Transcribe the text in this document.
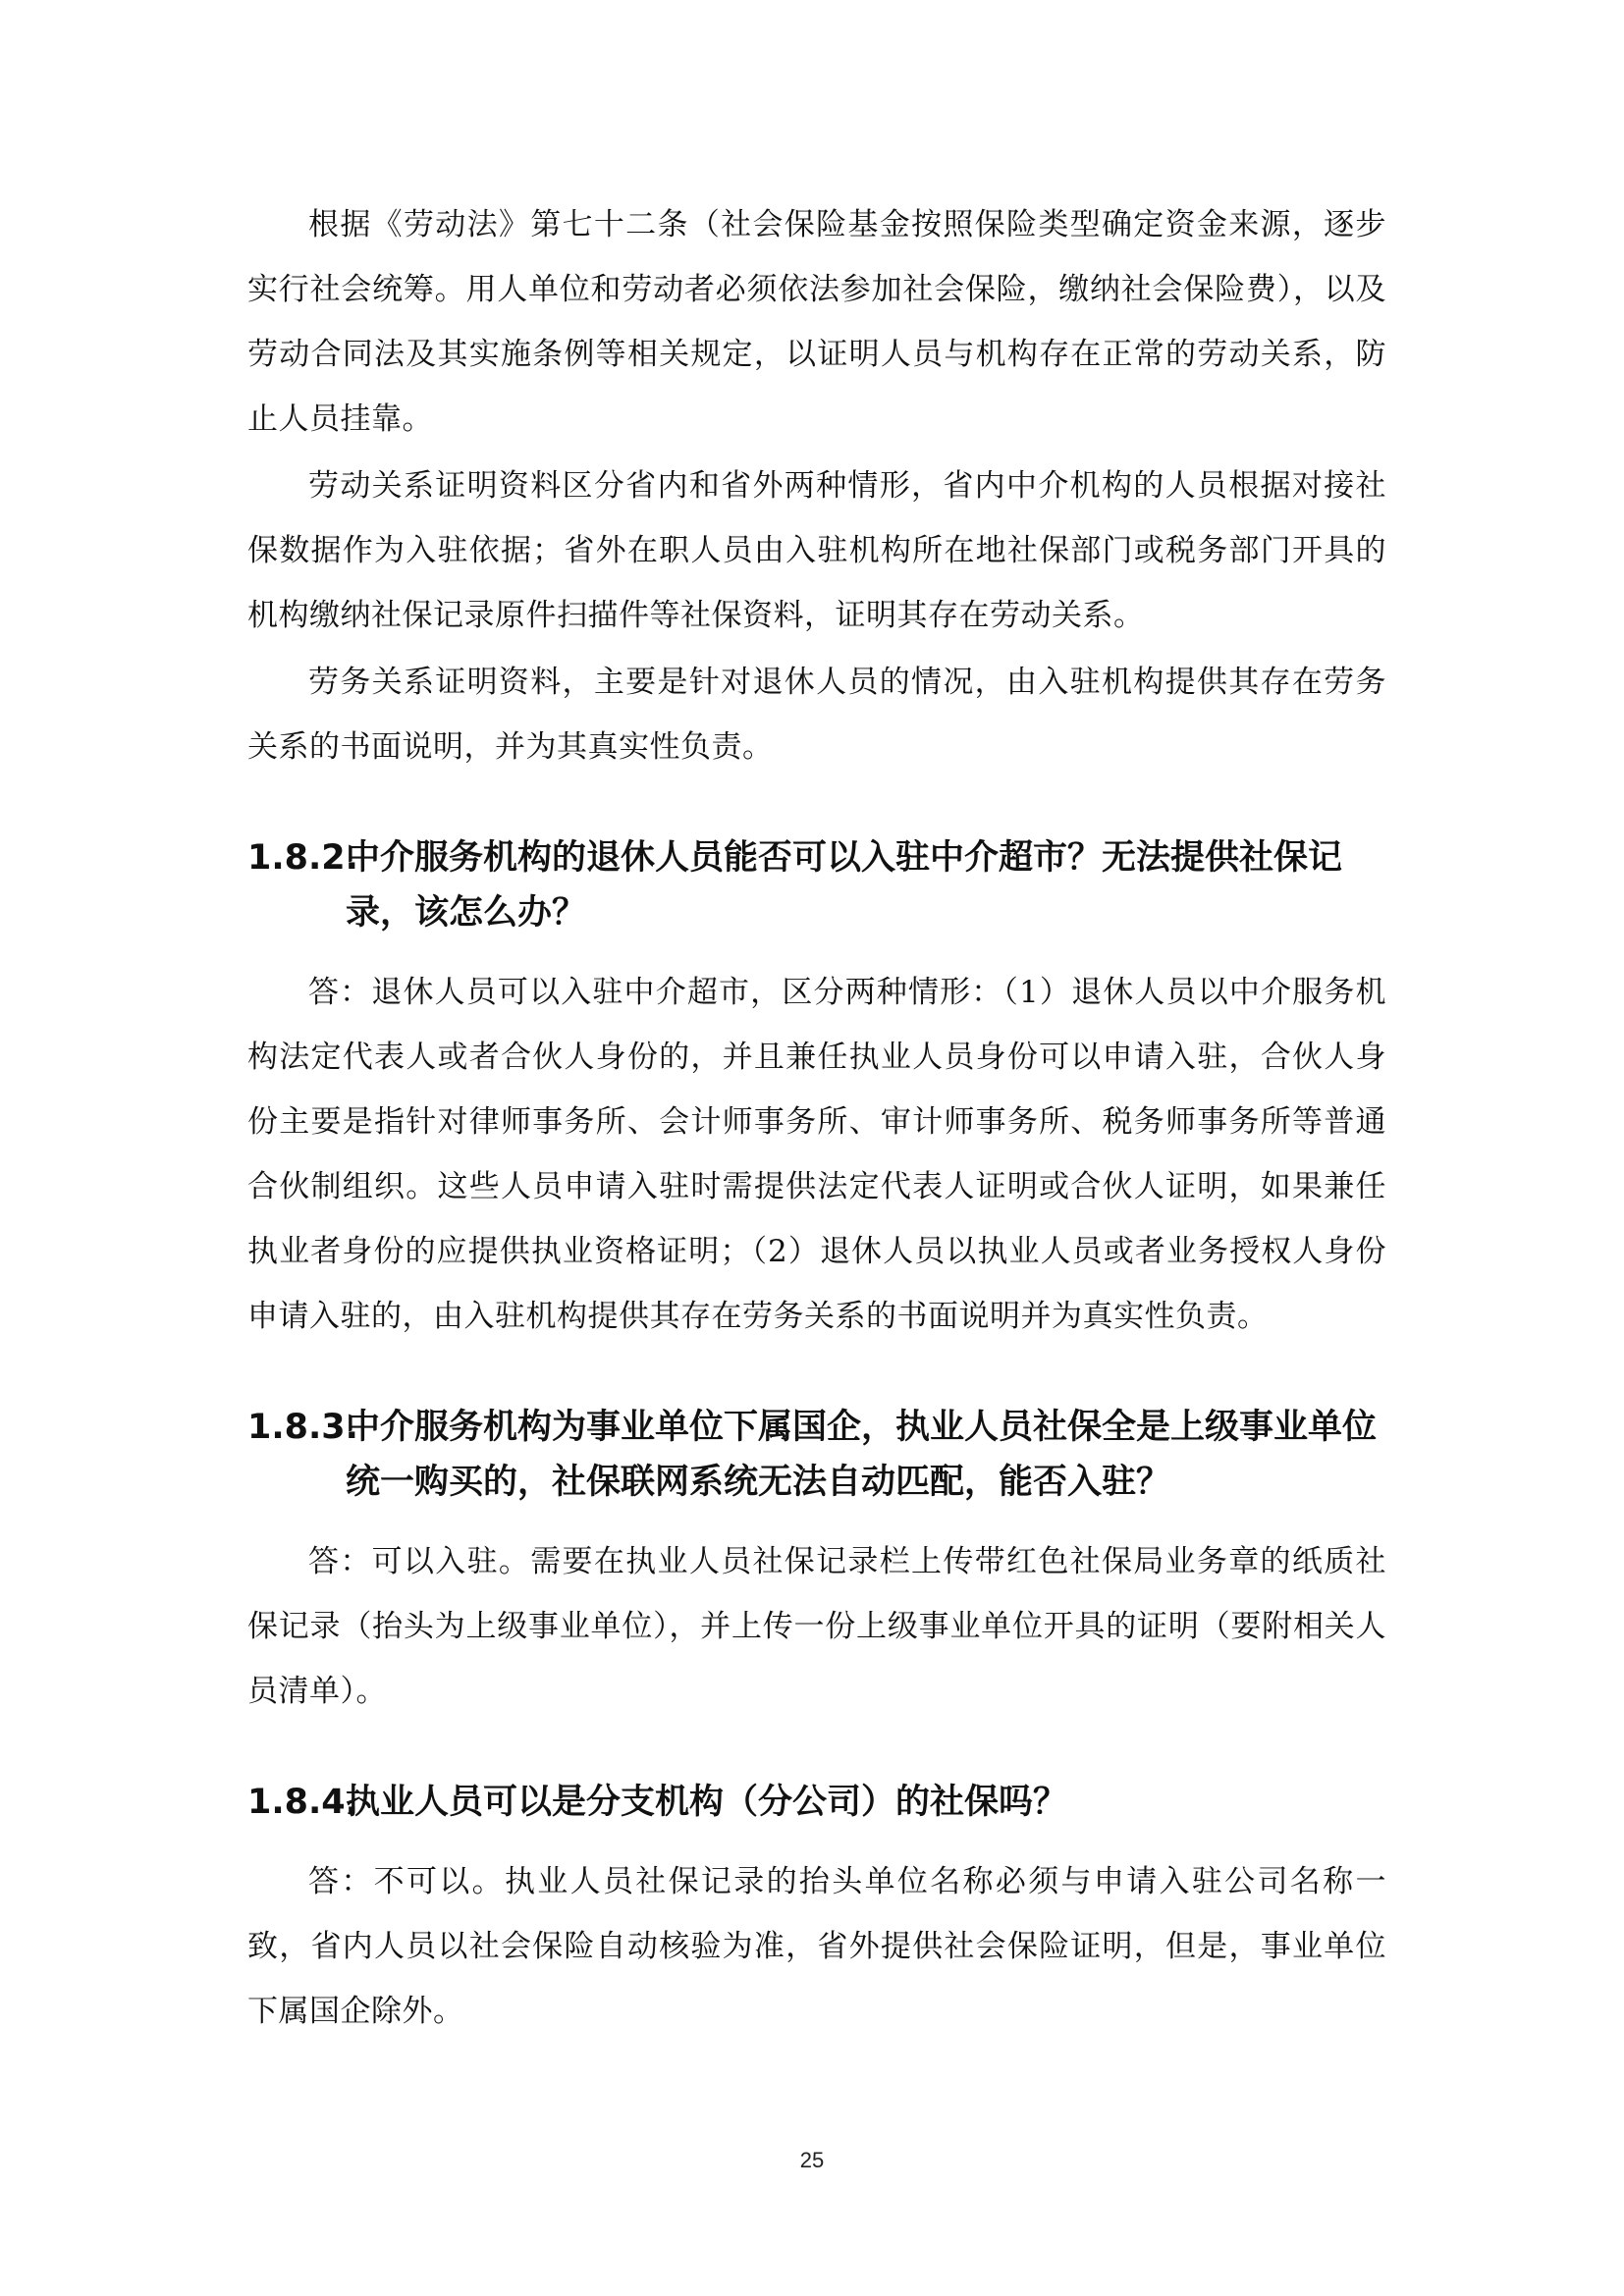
根据《劳动法》第七十二条（社会保险基金按照保险类型确定资金来源，逐步实行社会统筹。用人单位和劳动者必须依法参加社会保险，缴纳社会保险费），以及劳动合同法及其实施条例等相关规定，以证明人员与机构存在正常的劳动关系，防止人员挂靠。

劳动关系证明资料区分省内和省外两种情形，省内中介机构的人员根据对接社保数据作为入驻依据；省外在职人员由入驻机构所在地社保部门或税务部门开具的机构缴纳社保记录原件扫描件等社保资料，证明其存在劳动关系。

劳务关系证明资料，主要是针对退休人员的情况，由入驻机构提供其存在劳务关系的书面说明，并为其真实性负责。

1.8.2.
中介服务机构的退休人员能否可以入驻中介超市？无法提供社保记录，该怎么办？

答：退休人员可以入驻中介超市，区分两种情形：（1）退休人员以中介服务机构法定代表人或者合伙人身份的，并且兼任执业人员身份可以申请入驻，合伙人身份主要是指针对律师事务所、会计师事务所、审计师事务所、税务师事务所等普通合伙制组织。这些人员申请入驻时需提供法定代表人证明或合伙人证明，如果兼任执业者身份的应提供执业资格证明；（2）退休人员以执业人员或者业务授权人身份申请入驻的，由入驻机构提供其存在劳务关系的书面说明并为真实性负责。

1.8.3.
中介服务机构为事业单位下属国企，执业人员社保全是上级事业单位统一购买的，社保联网系统无法自动匹配，能否入驻？

答：可以入驻。需要在执业人员社保记录栏上传带红色社保局业务章的纸质社保记录（抬头为上级事业单位），并上传一份上级事业单位开具的证明（要附相关人员清单）。

1.8.4.
执业人员可以是分支机构（分公司）的社保吗？

答：不可以。执业人员社保记录的抬头单位名称必须与申请入驻公司名称一致，省内人员以社会保险自动核验为准，省外提供社会保险证明，但是，事业单位下属国企除外。

25
